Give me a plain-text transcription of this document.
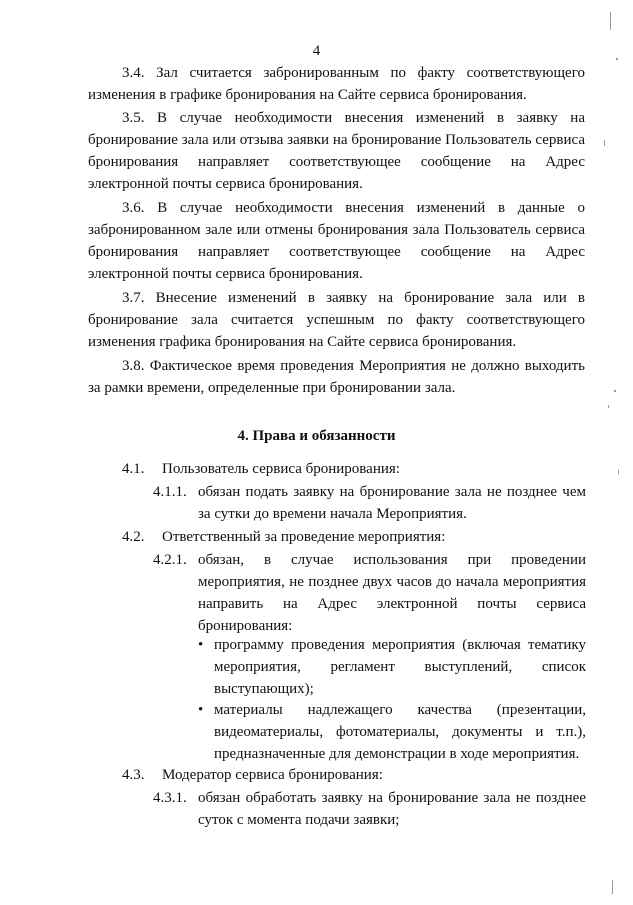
4

3.4. Зал считается забронированным по факту соответствующего изменения в графике бронирования на Сайте сервиса бронирования.

3.5. В случае необходимости внесения изменений в заявку на бронирование зала или отзыва заявки на бронирование Пользователь сервиса бронирования направляет соответствующее сообщение на Адрес электронной почты сервиса бронирования.

3.6. В случае необходимости внесения изменений в данные о забронированном зале или отмены бронирования зала Пользователь сервиса бронирования направляет соответствующее сообщение на Адрес электронной почты сервиса бронирования.

3.7. Внесение изменений в заявку на бронирование зала или в бронирование зала считается успешным по факту соответствующего изменения графика бронирования на Сайте сервиса бронирования.

3.8. Фактическое время проведения Мероприятия не должно выходить за рамки времени, определенные при бронировании зала.

4. Права и обязанности
4.1. Пользователь сервиса бронирования:
4.1.1. обязан подать заявку на бронирование зала не позднее чем за сутки до времени начала Мероприятия.
4.2. Ответственный за проведение мероприятия:
4.2.1. обязан, в случае использования при проведении мероприятия, не позднее двух часов до начала мероприятия направить на Адрес электронной почты сервиса бронирования:
• программу проведения мероприятия (включая тематику мероприятия, регламент выступлений, список выступающих);
• материалы надлежащего качества (презентации, видеоматериалы, фотоматериалы, документы и т.п.), предназначенные для демонстрации в ходе мероприятия.
4.3. Модератор сервиса бронирования:
4.3.1. обязан обработать заявку на бронирование зала не позднее суток с момента подачи заявки;
